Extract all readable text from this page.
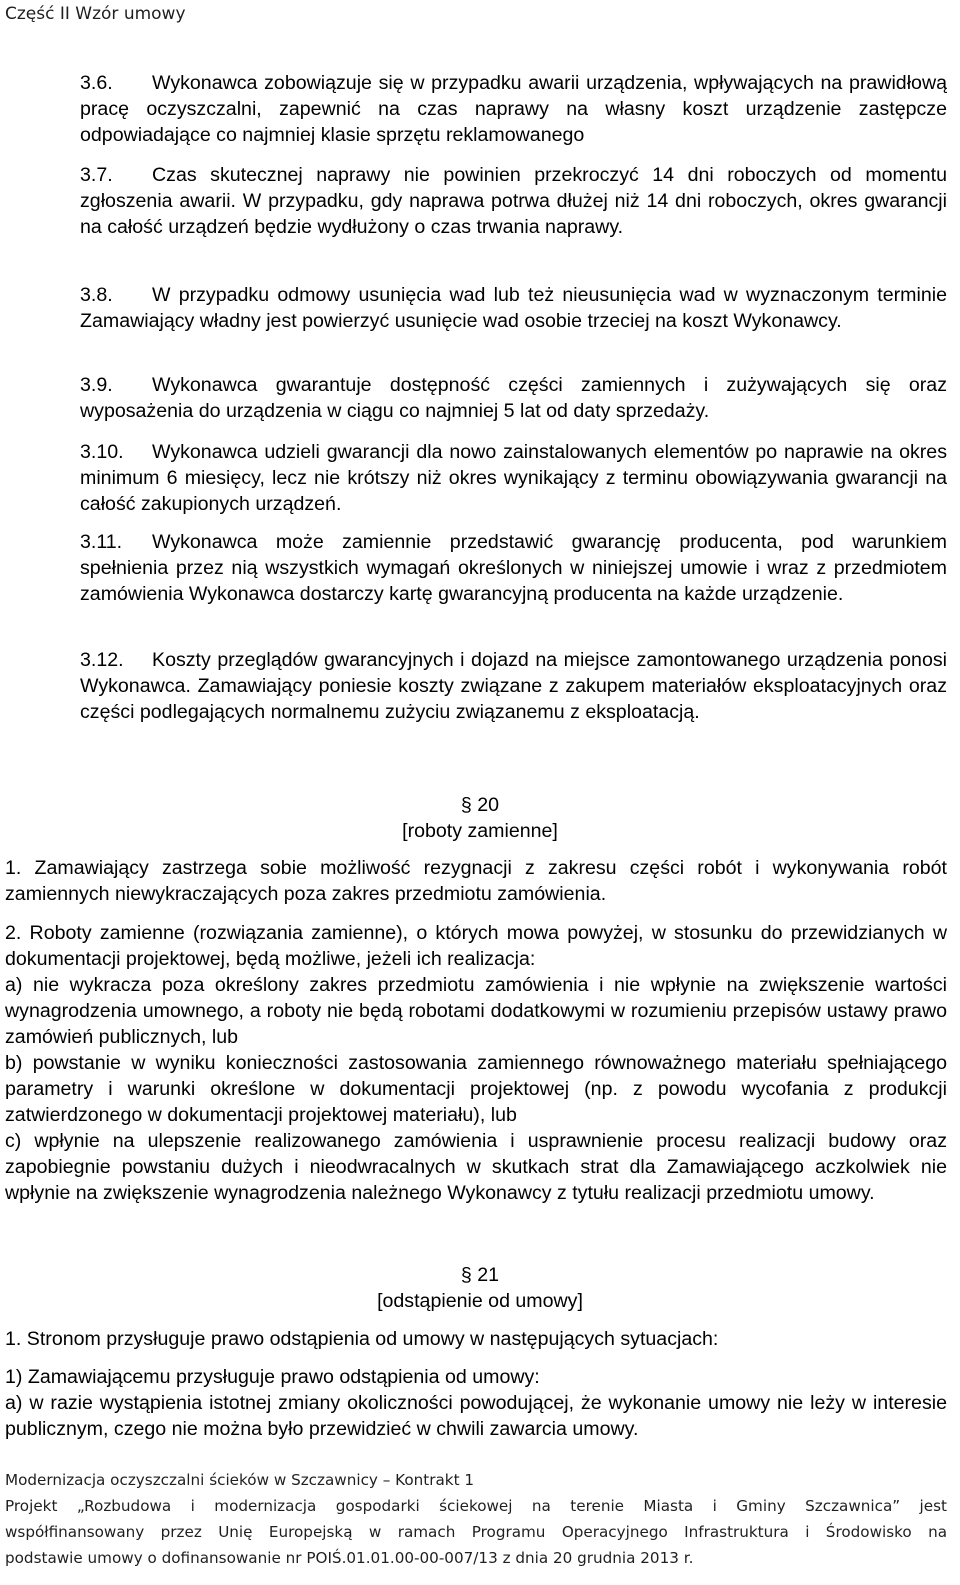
Część II Wzór umowy
3.6. Wykonawca zobowiązuje się w przypadku awarii urządzenia, wpływających na prawidłową pracę oczyszczalni, zapewnić na czas naprawy na własny koszt urządzenie zastępcze odpowiadające co najmniej klasie sprzętu reklamowanego
3.7. Czas skutecznej naprawy nie powinien przekroczyć 14 dni roboczych od momentu zgłoszenia awarii. W przypadku, gdy naprawa potrwa dłużej niż 14 dni roboczych, okres gwarancji na całość urządzeń będzie wydłużony o czas trwania naprawy.
3.8. W przypadku odmowy usunięcia wad lub też nieusunięcia wad w wyznaczonym terminie Zamawiający władny jest powierzyć usunięcie wad osobie trzeciej na koszt Wykonawcy.
3.9. Wykonawca gwarantuje dostępność części zamiennych i zużywających się oraz wyposażenia do urządzenia w ciągu co najmniej 5 lat od daty sprzedaży.
3.10. Wykonawca udzieli gwarancji dla nowo zainstalowanych elementów po naprawie na okres minimum 6 miesięcy, lecz nie krótszy niż okres wynikający z terminu obowiązywania gwarancji na całość zakupionych urządzeń.
3.11. Wykonawca może zamiennie przedstawić gwarancję producenta, pod warunkiem spełnienia przez nią wszystkich wymagań określonych w niniejszej umowie i wraz z przedmiotem zamówienia Wykonawca dostarczy kartę gwarancyjną producenta na każde urządzenie.
3.12. Koszty przeglądów gwarancyjnych i dojazd na miejsce zamontowanego urządzenia ponosi Wykonawca. Zamawiający poniesie koszty związane z zakupem materiałów eksploatacyjnych oraz części podlegających normalnemu zużyciu związanemu z eksploatacją.
§ 20
[roboty zamienne]
1. Zamawiający zastrzega sobie możliwość rezygnacji z zakresu części robót i wykonywania robót zamiennych niewykraczających poza zakres przedmiotu zamówienia.
2. Roboty zamienne (rozwiązania zamienne), o których mowa powyżej, w stosunku do przewidzianych w dokumentacji projektowej, będą możliwe, jeżeli ich realizacja:
a) nie wykracza poza określony zakres przedmiotu zamówienia i nie wpłynie na zwiększenie wartości wynagrodzenia umownego, a roboty nie będą robotami dodatkowymi w rozumieniu przepisów ustawy prawo zamówień publicznych, lub
b) powstanie w wyniku konieczności zastosowania zamiennego równoważnego materiału spełniającego parametry i warunki określone w dokumentacji projektowej (np. z powodu wycofania z produkcji zatwierdzonego w dokumentacji projektowej materiału), lub
c) wpłynie na ulepszenie realizowanego zamówienia i usprawnienie procesu realizacji budowy oraz zapobiegnie powstaniu dużych i nieodwracalnych w skutkach strat dla Zamawiającego aczkolwiek nie wpłynie na zwiększenie wynagrodzenia należnego Wykonawcy z tytułu realizacji przedmiotu umowy.
§ 21
[odstąpienie od umowy]
1. Stronom przysługuje prawo odstąpienia od umowy w następujących sytuacjach:
1) Zamawiającemu przysługuje prawo odstąpienia od umowy:
a) w razie wystąpienia istotnej zmiany okoliczności powodującej, że wykonanie umowy nie leży w interesie publicznym, czego nie można było przewidzieć w chwili zawarcia umowy.
Modernizacja oczyszczalni ścieków w Szczawnicy – Kontrakt 1
Projekt „Rozbudowa i modernizacja gospodarki ściekowej na terenie Miasta i Gminy Szczawnica” jest
współfinansowany przez Unię Europejską w ramach Programu Operacyjnego Infrastruktura i Środowisko na
podstawie umowy o dofinansowanie nr POIŚ.01.01.00-00-007/13 z dnia 20 grudnia 2013 r.
